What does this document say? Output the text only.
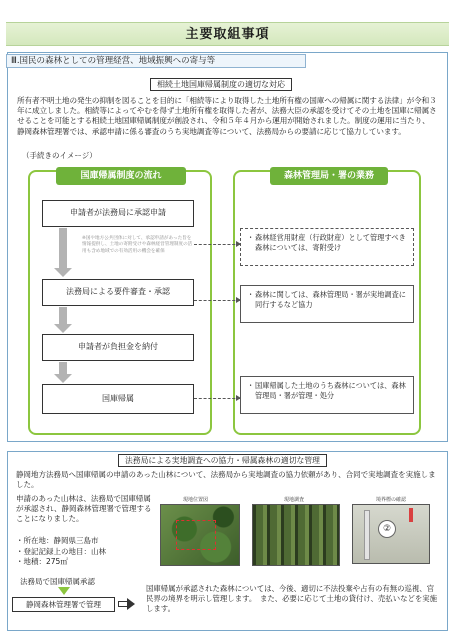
主要取組事項
Ⅲ.国民の森林としての管理経営、地域振興への寄与等
相続土地国庫帰属制度の適切な対応
所有者不明土地の発生の抑制を図ることを目的に「相続等により取得した土地所有権の国庫への帰属に関する法律」が令和３年に成立しました。相続等によってやむを得ず土地所有権を取得した者が、法務大臣の承認を受けてその土地を国庫に帰属させることを可能とする相続土地国庫帰属制度が創設され、令和５年４月から運用が開始されました。制度の運用に当たり、静岡森林管理署では、承認申請に係る審査のうち実地調査等について、法務局からの要請に応じて協力しています。
（手続きのイメージ）
国庫帰属制度の流れ	森林管理局・署の業務
申請者が法務局に承認申請
※国や地方公共団体に対して、承認申請があった旨を情報提供し、土地の寄附受けや森林経営管理制度の活用も含め地域での有効活用の機会を確保
法務局による要件審査・承認
申請者が負担金を納付
国庫帰属
・ 森林経営用財産（行政財産）として管理すべき森林については、寄附受け
・ 森林に関しては、森林管理局・署が実地調査に同行するなど協力
・ 国庫帰属した土地のうち森林については、森林管理局・署が管理・処分
法務局による実地調査への協力・帰属森林の適切な管理
静岡地方法務局へ国庫帰属の申請のあった山林について、法務局から実地調査の協力依頼があり、合同で実地調査を実施しました。
申請のあった山林は、法務局で国庫帰属が承認され、静岡森林管理署で管理することになりました。
・所在地：静岡県三島市
・登記記録上の地目：山林
・地積：275㎡
現地位置図	現地調査	境界標の確認
②
法務局で国庫帰属承認
静岡森林管理署で管理
国庫帰属が承認された森林については、今後、適切に不法投棄や占有の有無の巡視、官民界の境界を明示し管理します。　また、必要に応じて土地の貸付け、売払いなどを実施します。
